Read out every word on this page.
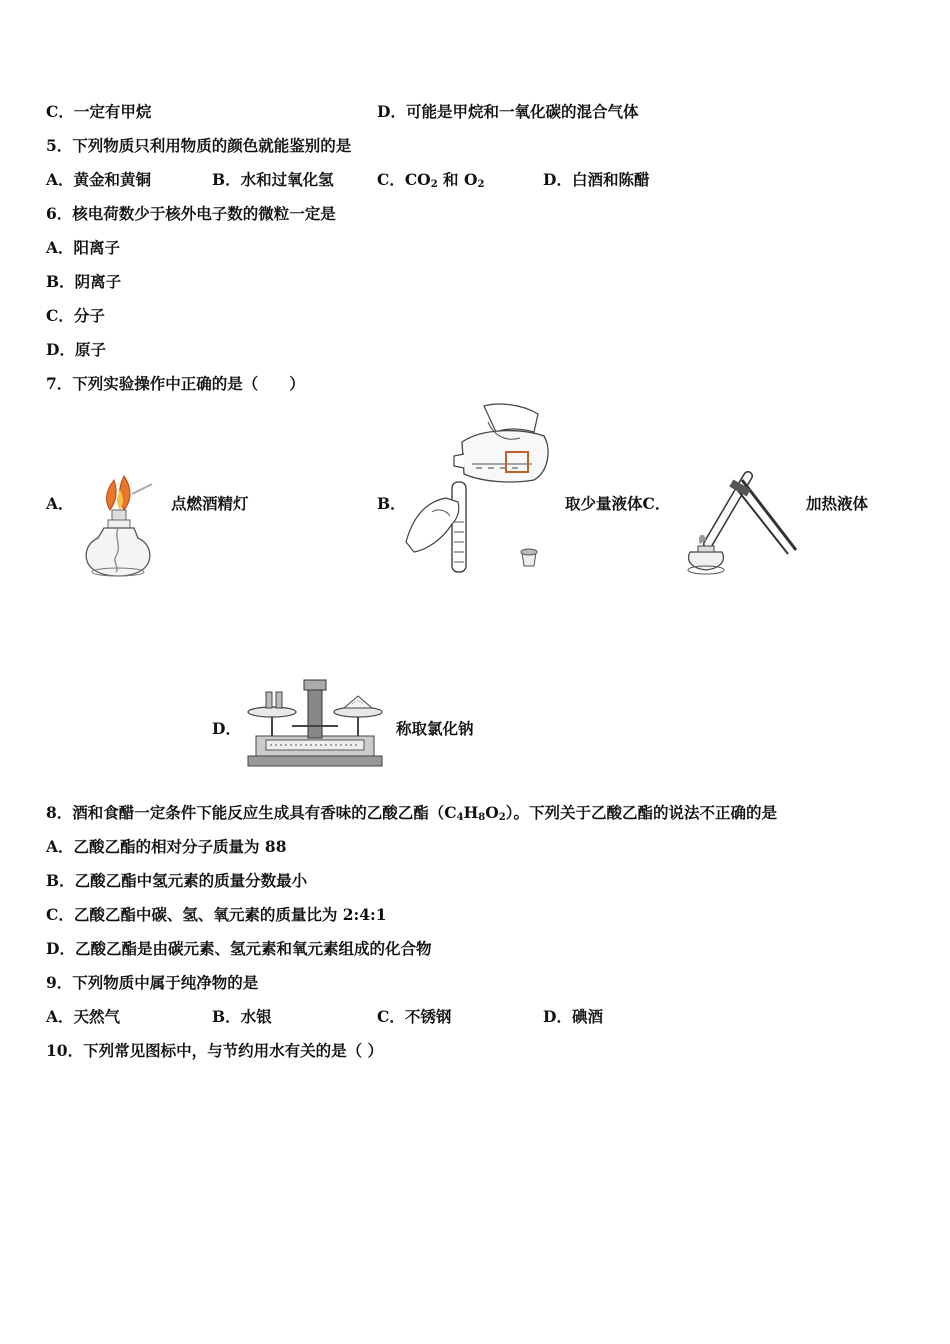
C．一定有甲烷	D．可能是甲烷和一氧化碳的混合气体
5．下列物质只利用物质的颜色就能鉴别的是
A．黄金和黄铜	B．水和过氧化氢	C．$CO_2$ 和 $O_2$	D．白酒和陈醋
6．核电荷数少于核外电子数的微粒一定是
A．阳离子
B．阴离子
C．分子
D．原子
7．下列实验操作中正确的是（　　）
A．	点燃酒精灯	B．	取少量液体C．	加热液体
D．	称取氯化钠
8．酒和食醋一定条件下能反应生成具有香味的乙酸乙酯$(C_4H_8O_2)$。下列关于乙酸乙酯的说法不正确的是
A．乙酸乙酯的相对分子质量为 88
B．乙酸乙酯中氢元素的质量分数最小
C．乙酸乙酯中碳、氢、氧元素的质量比为 2:4:1
D．乙酸乙酯是由碳元素、氢元素和氧元素组成的化合物
9．下列物质中属于纯净物的是
A．天然气	B．水银	C．不锈钢	D．碘酒
10．下列常见图标中，与节约用水有关的是（ ）
